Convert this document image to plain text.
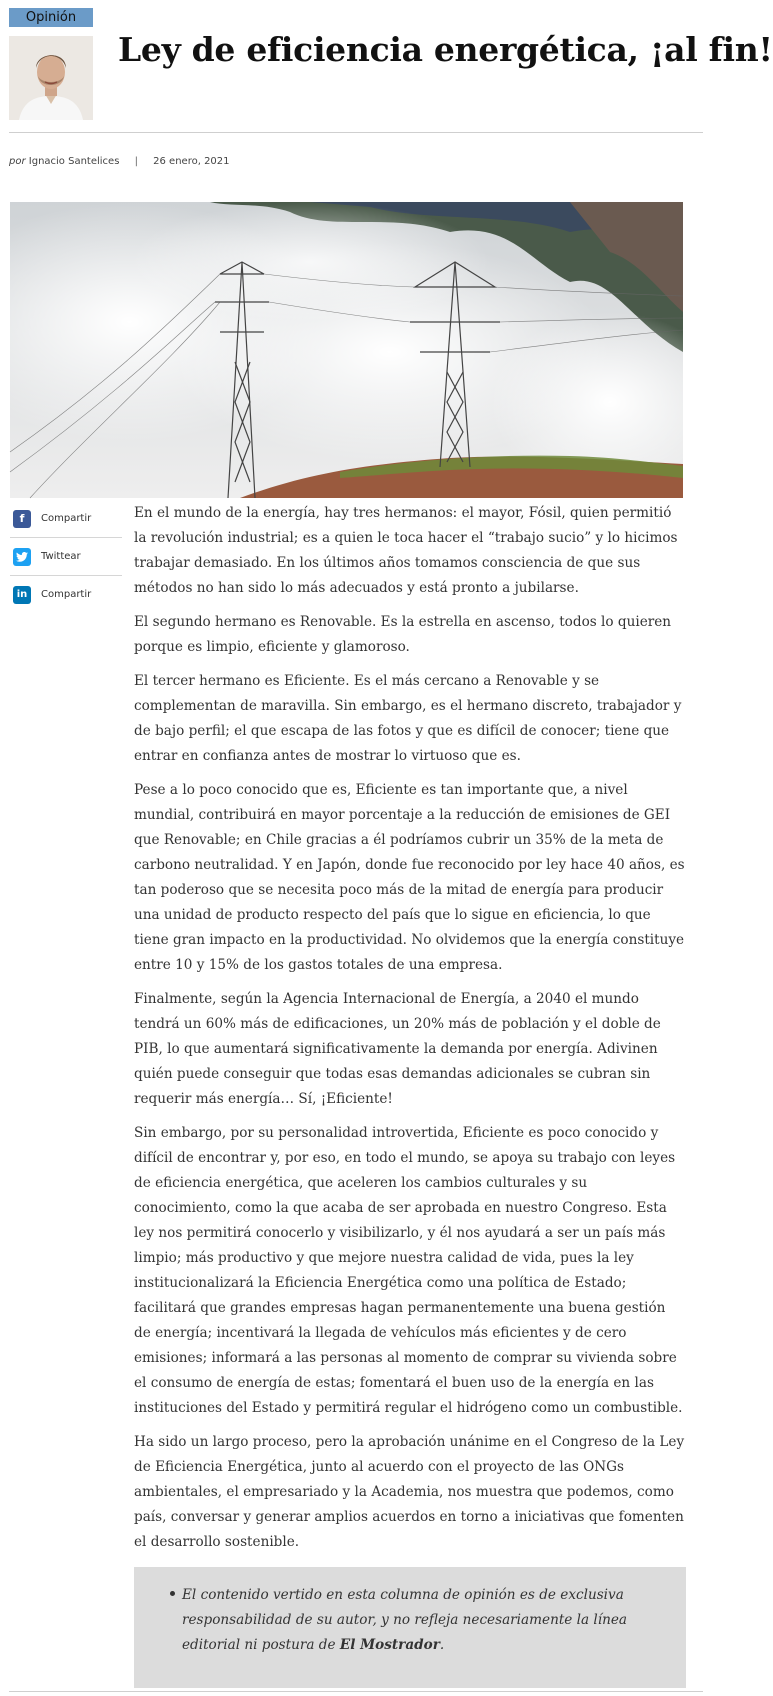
Opinión
Ley de eficiencia energética, ¡al fin!
por Ignacio Santelices | 26 enero, 2021
f	Compartir
Twittear
in	Compartir

En el mundo de la energía, hay tres hermanos: el mayor, Fósil, quien permitió la revolución industrial; es a quien le toca hacer el “trabajo sucio” y lo hicimos trabajar demasiado. En los últimos años tomamos consciencia de que sus métodos no han sido lo más adecuados y está pronto a jubilarse.

El segundo hermano es Renovable. Es la estrella en ascenso, todos lo quieren porque es limpio, eficiente y glamoroso.

El tercer hermano es Eficiente. Es el más cercano a Renovable y se complementan de maravilla. Sin embargo, es el hermano discreto, trabajador y de bajo perfil; el que escapa de las fotos y que es difícil de conocer; tiene que entrar en confianza antes de mostrar lo virtuoso que es.

Pese a lo poco conocido que es, Eficiente es tan importante que, a nivel mundial, contribuirá en mayor porcentaje a la reducción de emisiones de GEI que Renovable; en Chile gracias a él podríamos cubrir un 35% de la meta de carbono neutralidad. Y en Japón, donde fue reconocido por ley hace 40 años, es tan poderoso que se necesita poco más de la mitad de energía para producir una unidad de producto respecto del país que lo sigue en eficiencia, lo que tiene gran impacto en la productividad. No olvidemos que la energía constituye entre 10 y 15% de los gastos totales de una empresa.

Finalmente, según la Agencia Internacional de Energía, a 2040 el mundo tendrá un 60% más de edificaciones, un 20% más de población y el doble de PIB, lo que aumentará significativamente la demanda por energía. Adivinen quién puede conseguir que todas esas demandas adicionales se cubran sin requerir más energía… Sí, ¡Eficiente!

Sin embargo, por su personalidad introvertida, Eficiente es poco conocido y difícil de encontrar y, por eso, en todo el mundo, se apoya su trabajo con leyes de eficiencia energética, que aceleren los cambios culturales y su conocimiento, como la que acaba de ser aprobada en nuestro Congreso. Esta ley nos permitirá conocerlo y visibilizarlo, y él nos ayudará a ser un país más limpio; más productivo y que mejore nuestra calidad de vida, pues la ley institucionalizará la Eficiencia Energética como una política de Estado; facilitará que grandes empresas hagan permanentemente una buena gestión de energía; incentivará la llegada de vehículos más eficientes y de cero emisiones; informará a las personas al momento de comprar su vivienda sobre el consumo de energía de estas; fomentará el buen uso de la energía en las instituciones del Estado y permitirá regular el hidrógeno como un combustible.

Ha sido un largo proceso, pero la aprobación unánime en el Congreso de la Ley de Eficiencia Energética, junto al acuerdo con el proyecto de las ONGs ambientales, el empresariado y la Academia, nos muestra que podemos, como país, conversar y generar amplios acuerdos en torno a iniciativas que fomenten el desarrollo sostenible.

El contenido vertido en esta columna de opinión es de exclusiva responsabilidad de su autor, y no refleja necesariamente la línea editorial ni postura de El Mostrador.
